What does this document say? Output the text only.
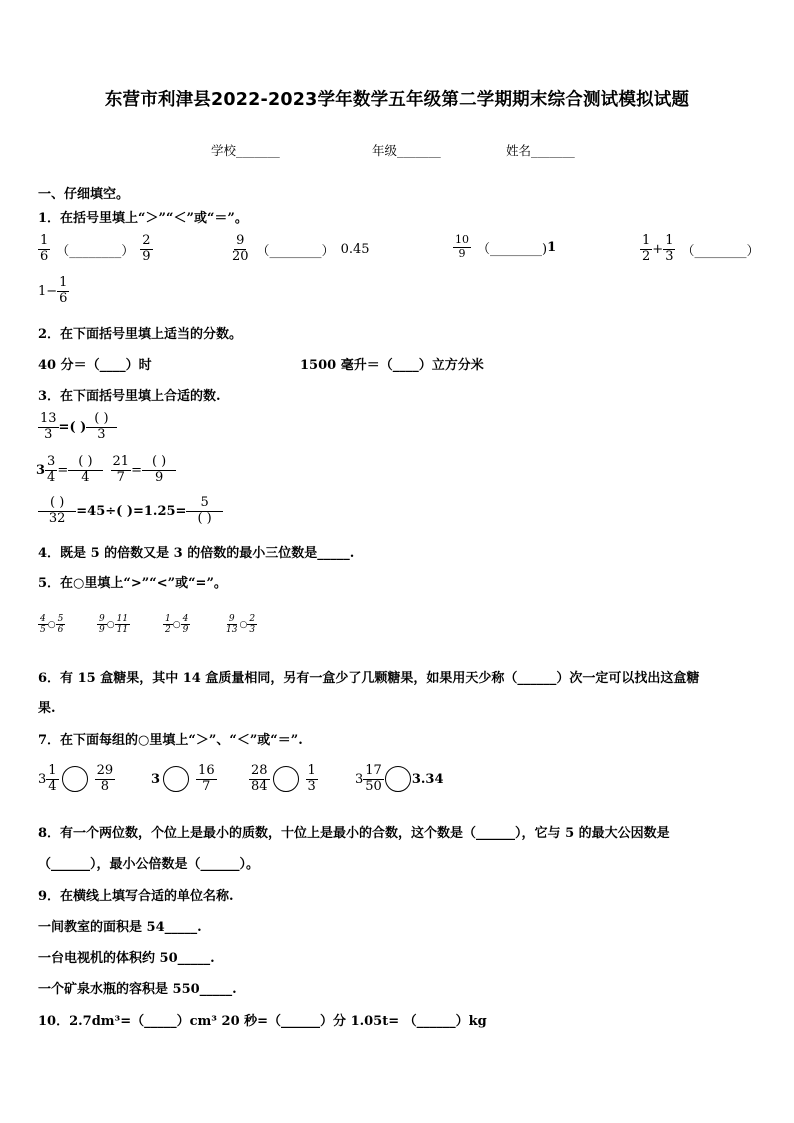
东营市利津县2022-2023学年数学五年级第二学期期末综合测试模拟试题
学校_______	年级_______	姓名_______
一、仔细填空。
1．在括号里填上“＞”“＜”或“＝”。
$\frac{1}{6}$ （________） $\frac{2}{9}$	$\frac{9}{20}$ （________） 0.45	$\frac{10}{9}$ （________) 1	$\frac{1}{2} + \frac{1}{3}$ （________）
$1- \frac{1}{6}$
2．在下面括号里填上适当的分数。
40 分＝（____）时	1500 毫升＝（____）立方分米
3．在下面括号里填上合适的数.
$\frac{13}{3}$ =( ) $\frac{( )}{3}$
$3 \frac{3}{4} = \frac{( )}{4} \frac{21}{7} = \frac{( )}{9}$
$\frac{( )}{32} =45\div$( )$=1.25= \frac{5}{( )}$
4．既是 5 的倍数又是 3 的倍数的最小三位数是_____.
5．在○里填上“>”“<”或“=”。
$\frac{4}{5}$ ○ $\frac{5}{6}$	$\frac{9}{9}$ ○ $\frac{11}{11}$	$\frac{1}{2}$ ○ $\frac{4}{9}$	$\frac{9}{13}$ ○ $\frac{2}{3}$
6．有 15 盒糖果，其中 14 盒质量相同，另有一盒少了几颗糖果，如果用天少称（______）次一定可以找出这盒糖
果.
7．在下面每组的○里填上“＞”、“＜”或“＝”.
$3 \frac{1}{4}$	$\frac{29}{8}$	3	$\frac{16}{7} \frac{28}{84}$	$\frac{1}{3}$	$3 \frac{17}{50} 3.34$
8．有一个两位数，个位上是最小的质数，十位上是最小的合数，这个数是（______），它与 5 的最大公因数是
（______），最小公倍数是（______）。
9．在横线上填写合适的单位名称.
一间教室的面积是 54_____.
一台电视机的体积约 50_____.
一个矿泉水瓶的容积是 550_____.
10．2.7dm³=（_____）cm³ 20 秒=（______）分 1.05t= （______）kg
